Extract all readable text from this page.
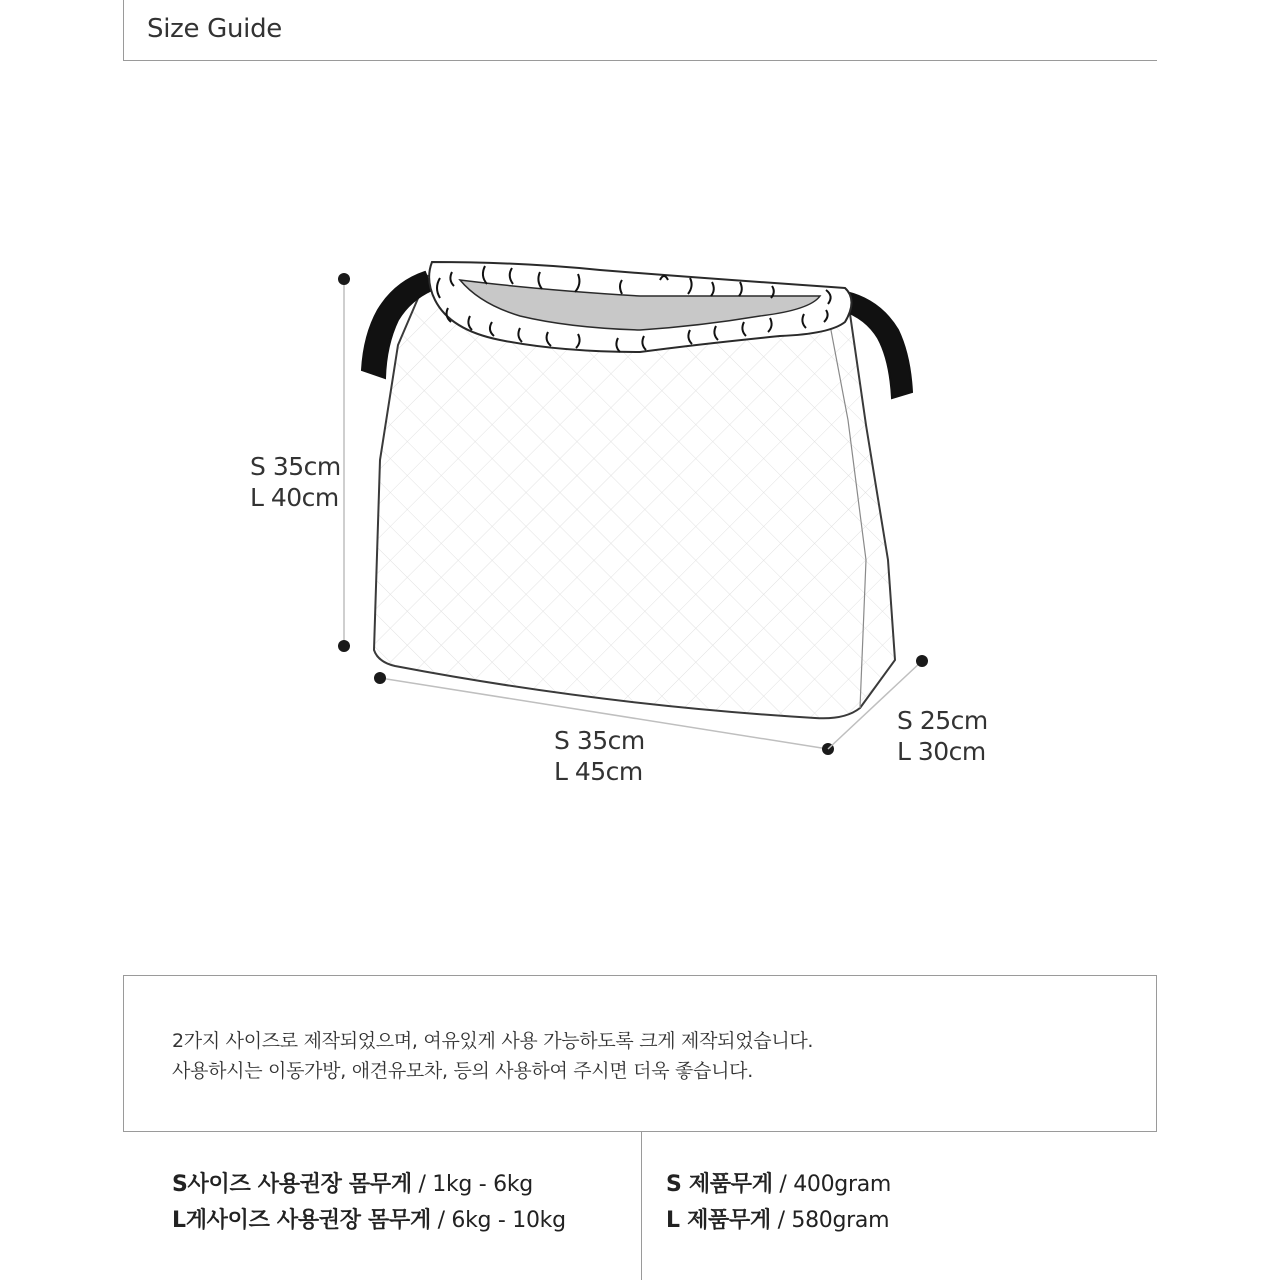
Size Guide
S 35cm
L 40cm
S 35cm
L 45cm
S 25cm
L 30cm
2가지 사이즈로 제작되었으며, 여유있게 사용 가능하도록 크게 제작되었습니다.
사용하시는 이동가방, 애견유모차, 등의 사용하여 주시면 더욱 좋습니다.
S사이즈 사용권장 몸무게 / 1kg - 6kg
L게사이즈 사용권장 몸무게 / 6kg - 10kg
S 제품무게 / 400gram
L 제품무게 / 580gram
